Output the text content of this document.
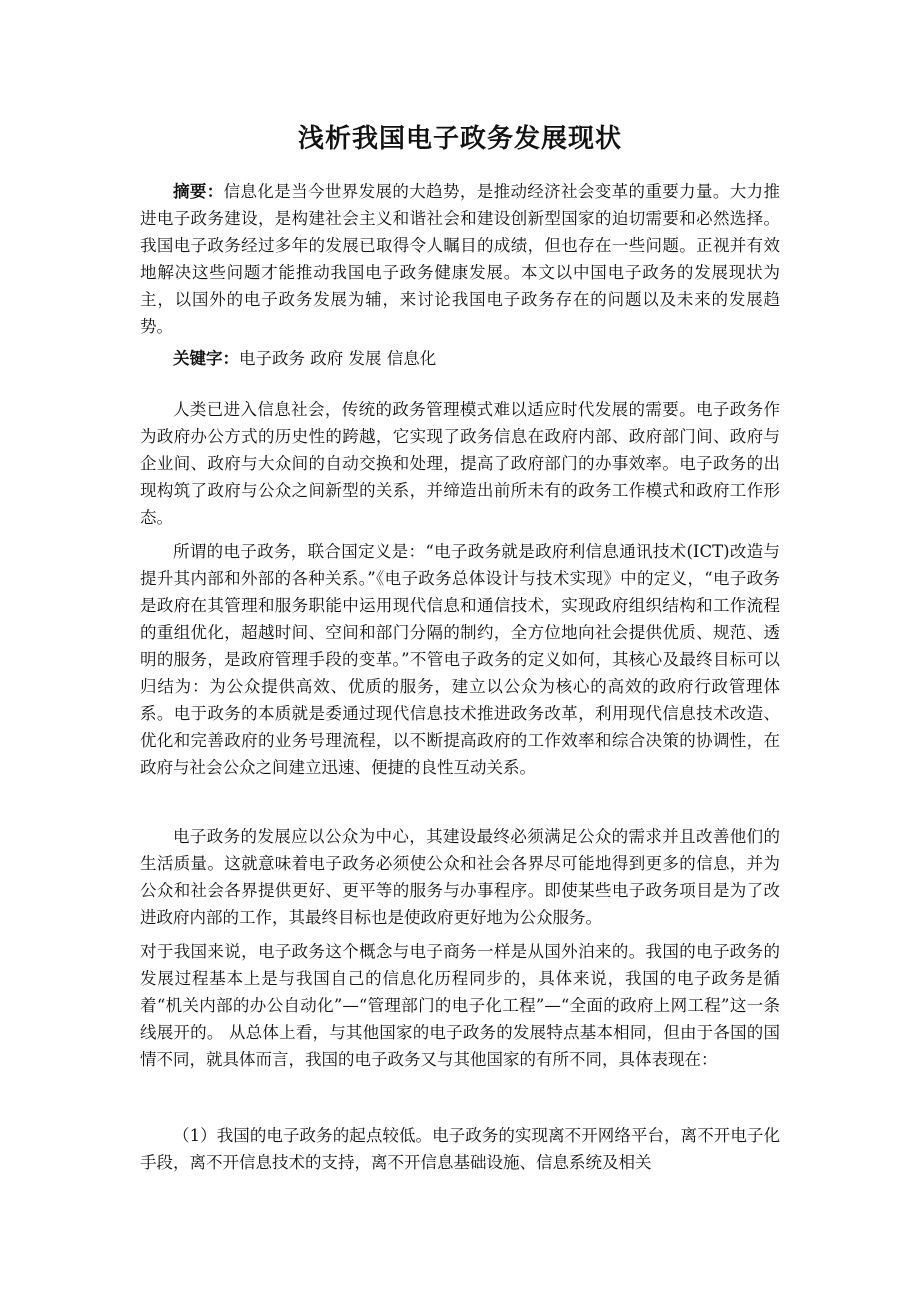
浅析我国电子政务发展现状
摘要：信息化是当今世界发展的大趋势，是推动经济社会变革的重要力量。大力推进电子政务建设，是构建社会主义和谐社会和建设创新型国家的迫切需要和必然选择。我国电子政务经过多年的发展已取得令人瞩目的成绩，但也存在一些问题。正视并有效地解决这些问题才能推动我国电子政务健康发展。本文以中国电子政务的发展现状为主，以国外的电子政务发展为辅，来讨论我国电子政务存在的问题以及未来的发展趋势。
关键字：电子政务 政府 发展 信息化
人类已进入信息社会，传统的政务管理模式难以适应时代发展的需要。电子政务作为政府办公方式的历史性的跨越，它实现了政务信息在政府内部、政府部门间、政府与企业间、政府与大众间的自动交换和处理，提高了政府部门的办事效率。电子政务的出现构筑了政府与公众之间新型的关系，并缔造出前所未有的政务工作模式和政府工作形态。
所谓的电子政务，联合国定义是：“电子政务就是政府利信息通讯技术(ICT)改造与提升其内部和外部的各种关系。”《电子政务总体设计与技术实现》中的定义，“电子政务是政府在其管理和服务职能中运用现代信息和通信技术，实现政府组织结构和工作流程的重组优化，超越时间、空间和部门分隔的制约，全方位地向社会提供优质、规范、透明的服务，是政府管理手段的变革。”不管电子政务的定义如何，其核心及最终目标可以归结为：为公众提供高效、优质的服务，建立以公众为核心的高效的政府行政管理体系。电于政务的本质就是委通过现代信息技术推进政务改革，利用现代信息技术改造、优化和完善政府的业务号理流程，以不断提高政府的工作效率和综合决策的协调性，在政府与社会公众之间建立迅速、便捷的良性互动关系。
电子政务的发展应以公众为中心，其建设最终必须满足公众的需求并且改善他们的生活质量。这就意味着电子政务必须使公众和社会各界尽可能地得到更多的信息，并为公众和社会各界提供更好、更平等的服务与办事程序。即使某些电子政务项目是为了改进政府内部的工作，其最终目标也是使政府更好地为公众服务。
对于我国来说，电子政务这个概念与电子商务一样是从国外泊来的。我国的电子政务的发展过程基本上是与我国自己的信息化历程同步的，具体来说，我国的电子政务是循着“机关内部的办公自动化”—“管理部门的电子化工程”—“全面的政府上网工程”这一条线展开的。 从总体上看，与其他国家的电子政务的发展特点基本相同，但由于各国的国情不同，就具体而言，我国的电子政务又与其他国家的有所不同，具体表现在：
（1）我国的电子政务的起点较低。电子政务的实现离不开网络平台，离不开电子化手段，离不开信息技术的支持，离不开信息基础设施、信息系统及相关
